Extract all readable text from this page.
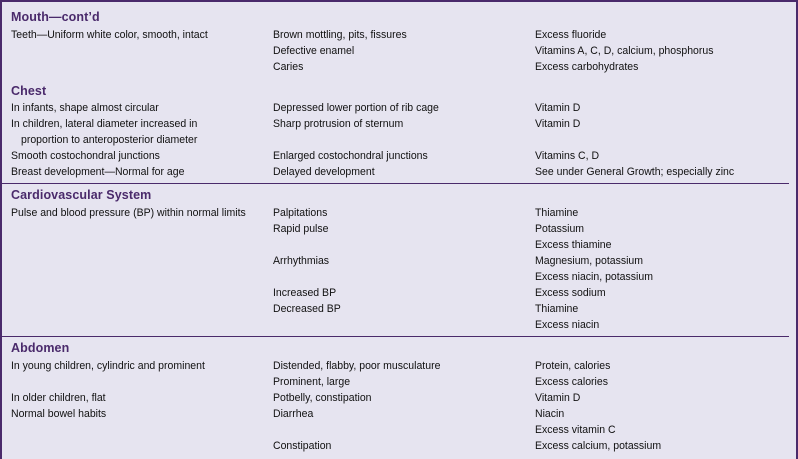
Mouth—cont’d
Teeth—Uniform white color, smooth, intact	Brown mottling, pits, fissures
Defective enamel
Caries
Excess fluoride
Vitamins A, C, D, calcium, phosphorus
Excess carbohydrates
Chest
In infants, shape almost circular
In children, lateral diameter increased in
proportion to anteroposterior diameter
Smooth costochondral junctions
Breast development—Normal for age
Depressed lower portion of rib cage
Sharp protrusion of sternum
Enlarged costochondral junctions
Delayed development
Vitamin D
Vitamin D
Vitamins C, D
See under General Growth; especially zinc
Cardiovascular System
Pulse and blood pressure (BP) within normal limits Palpitations
Rapid pulse
Arrhythmias
Increased BP
Decreased BP
Thiamine
Potassium
Excess thiamine
Magnesium, potassium
Excess niacin, potassium
Excess sodium
Thiamine
Excess niacin
Abdomen
In young children, cylindric and prominent
In older children, flat
Normal bowel habits
Distended, flabby, poor musculature
Prominent, large
Potbelly, constipation
Diarrhea
Constipation
Protein, calories
Excess calories
Vitamin D
Niacin
Excess vitamin C
Excess calcium, potassium
